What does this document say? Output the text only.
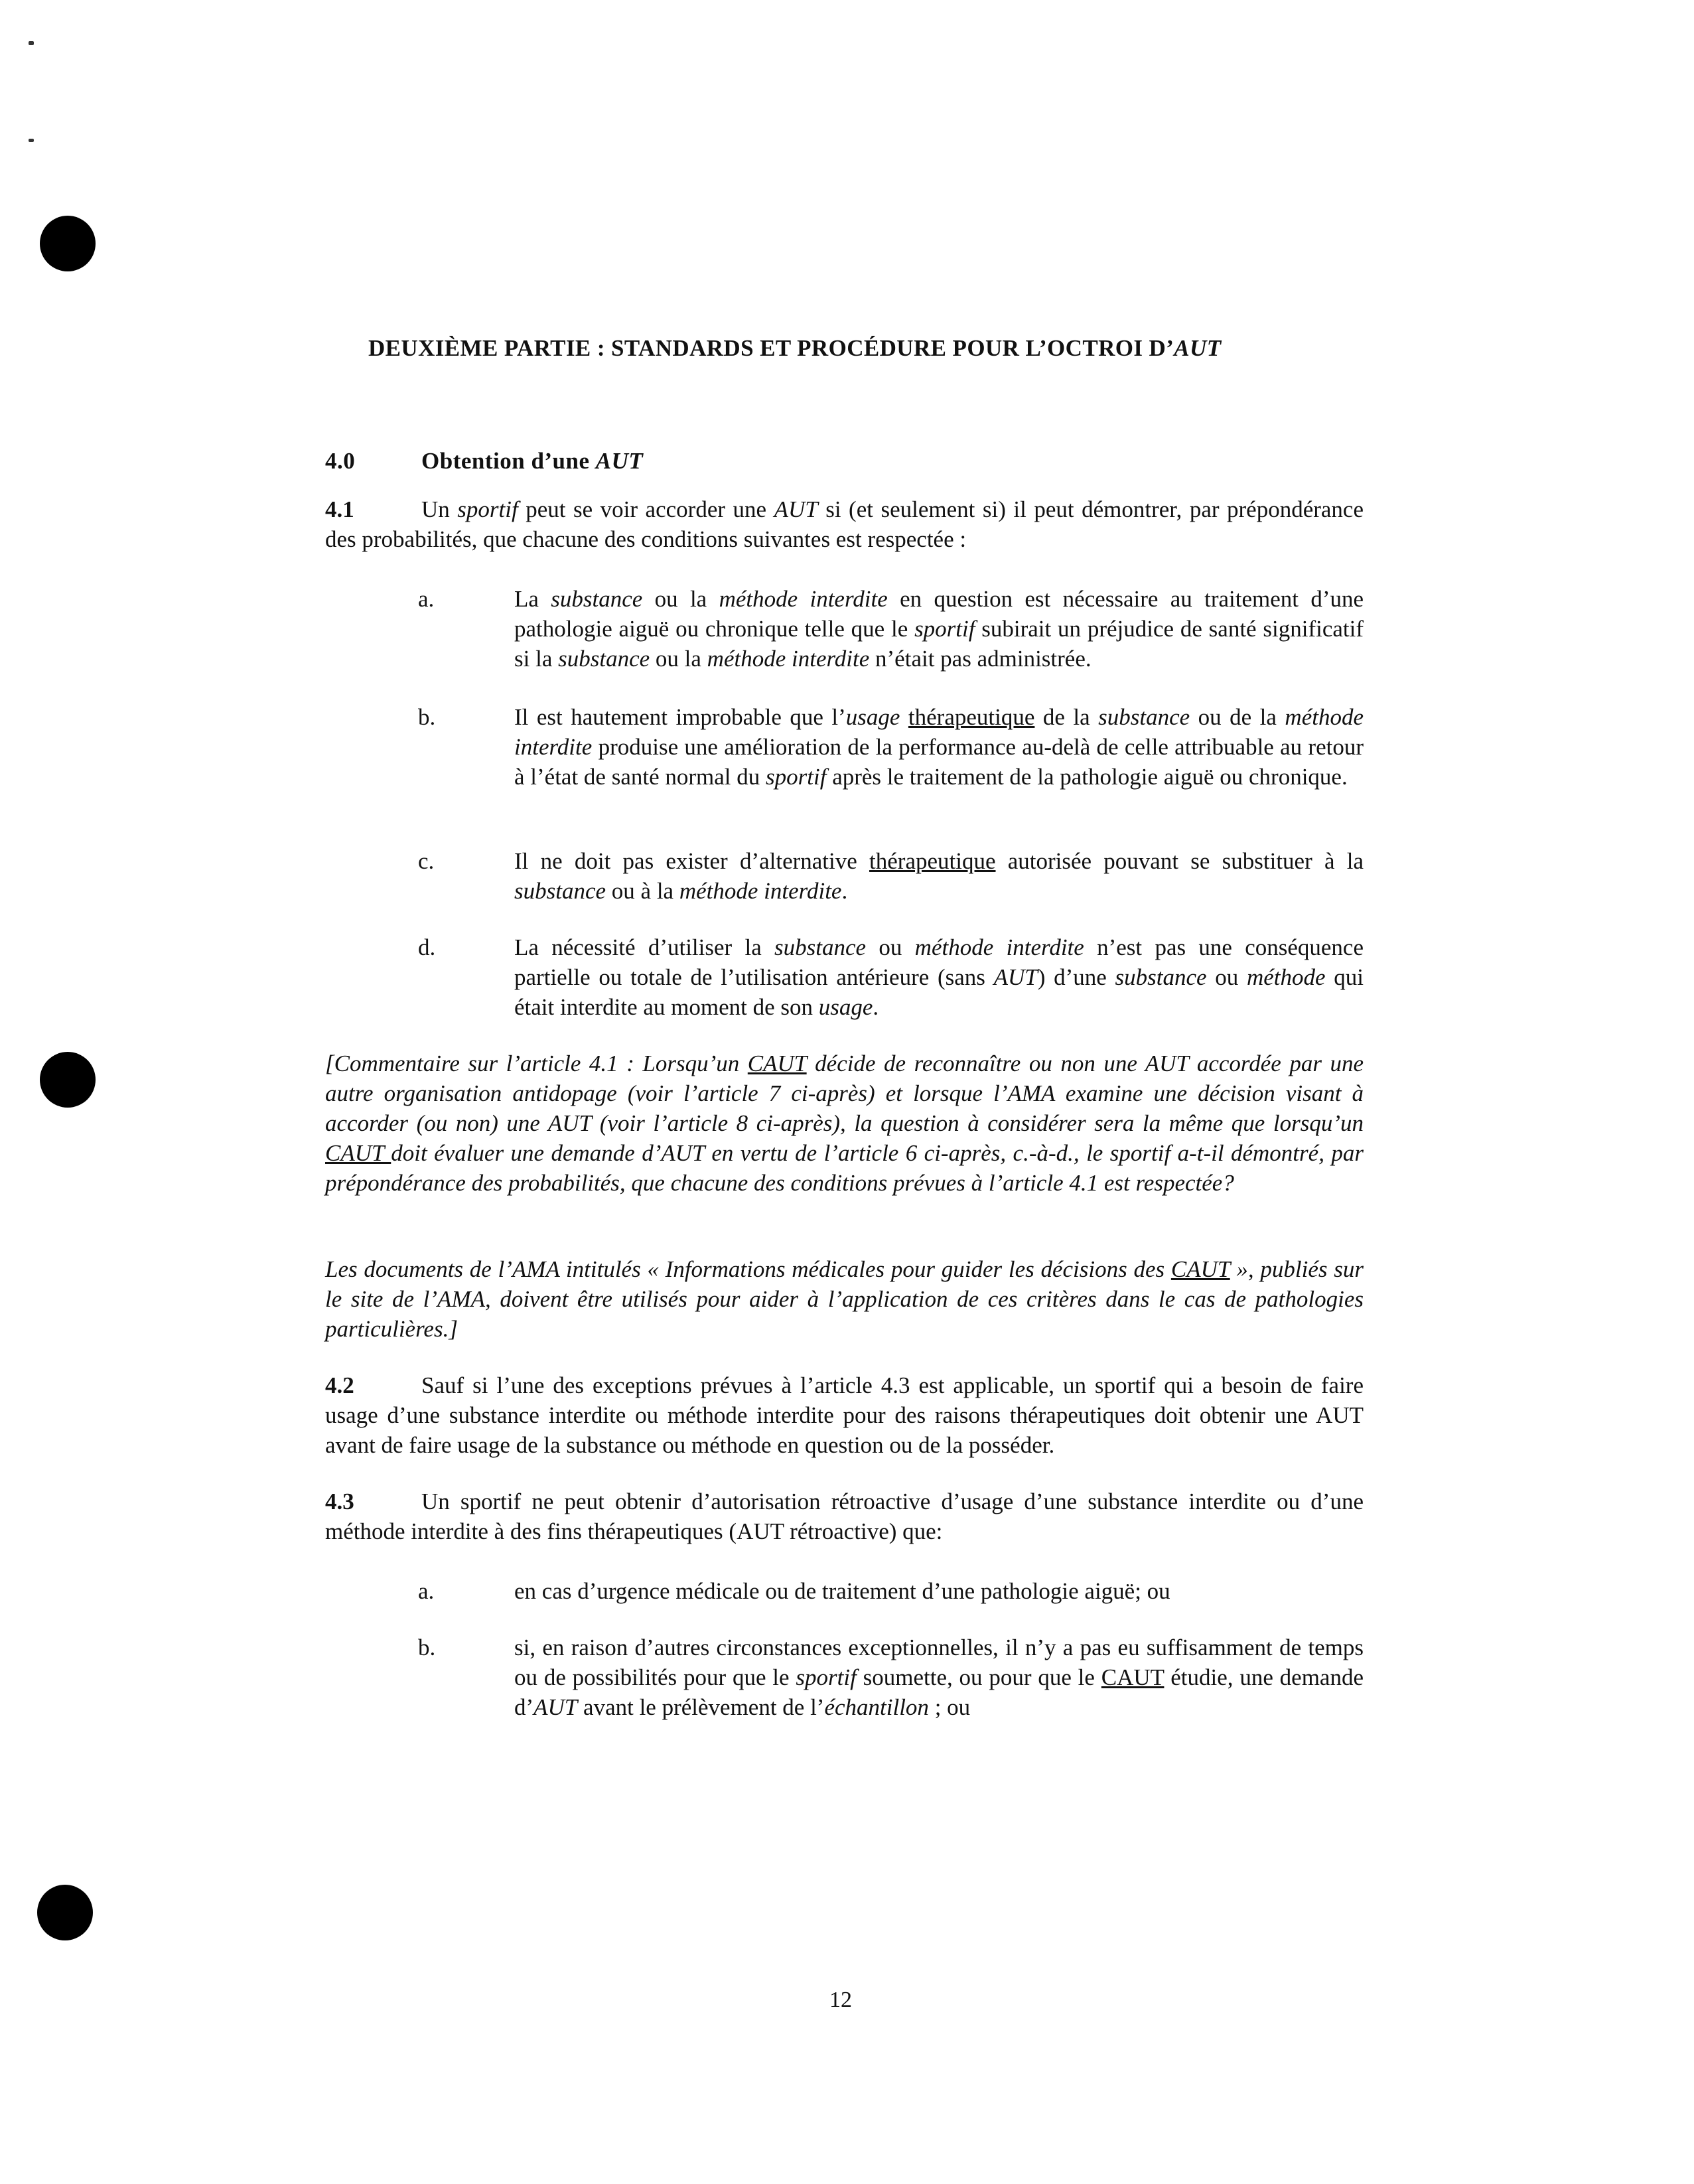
DEUXIÈME PARTIE : STANDARDS ET PROCÉDURE POUR L’OCTROI D’AUT
4.0	Obtention d’une AUT
4.1	Un sportif peut se voir accorder une AUT si (et seulement si) il peut démontrer, par prépondérance des probabilités, que chacune des conditions suivantes est respectée :
a.	La substance ou la méthode interdite en question est nécessaire au traitement d’une pathologie aiguë ou chronique telle que le sportif subirait un préjudice de santé significatif si la substance ou la méthode interdite n’était pas administrée.
b.	Il est hautement improbable que l’usage thérapeutique de la substance ou de la méthode interdite produise une amélioration de la performance au-delà de celle attribuable au retour à l’état de santé normal du sportif après le traitement de la pathologie aiguë ou chronique.
c.	Il ne doit pas exister d’alternative thérapeutique autorisée pouvant se substituer à la substance ou à la méthode interdite.
d.	La nécessité d’utiliser la substance ou méthode interdite n’est pas une conséquence partielle ou totale de l’utilisation antérieure (sans AUT) d’une substance ou méthode qui était interdite au moment de son usage.
[Commentaire sur l’article 4.1 : Lorsqu’un CAUT décide de reconnaître ou non une AUT accordée par une autre organisation antidopage (voir l’article 7 ci-après) et lorsque l’AMA examine une décision visant à accorder (ou non) une AUT (voir l’article 8 ci-après), la question à considérer sera la même que lorsqu’un CAUT doit évaluer une demande d’AUT en vertu de l’article 6 ci-après, c.-à-d., le sportif a-t-il démontré, par prépondérance des probabilités, que chacune des conditions prévues à l’article 4.1 est respectée?
Les documents de l’AMA intitulés « Informations médicales pour guider les décisions des CAUT », publiés sur le site de l’AMA, doivent être utilisés pour aider à l’application de ces critères dans le cas de pathologies particulières.]
4.2	Sauf si l’une des exceptions prévues à l’article 4.3 est applicable, un sportif qui a besoin de faire usage d’une substance interdite ou méthode interdite pour des raisons thérapeutiques doit obtenir une AUT avant de faire usage de la substance ou méthode en question ou de la posséder.
4.3	Un sportif ne peut obtenir d’autorisation rétroactive d’usage d’une substance interdite ou d’une méthode interdite à des fins thérapeutiques (AUT rétroactive) que:
a.	en cas d’urgence médicale ou de traitement d’une pathologie aiguë; ou
b.	si, en raison d’autres circonstances exceptionnelles, il n’y a pas eu suffisamment de temps ou de possibilités pour que le sportif soumette, ou pour que le CAUT étudie, une demande d’AUT avant le prélèvement de l’échantillon ; ou
12
